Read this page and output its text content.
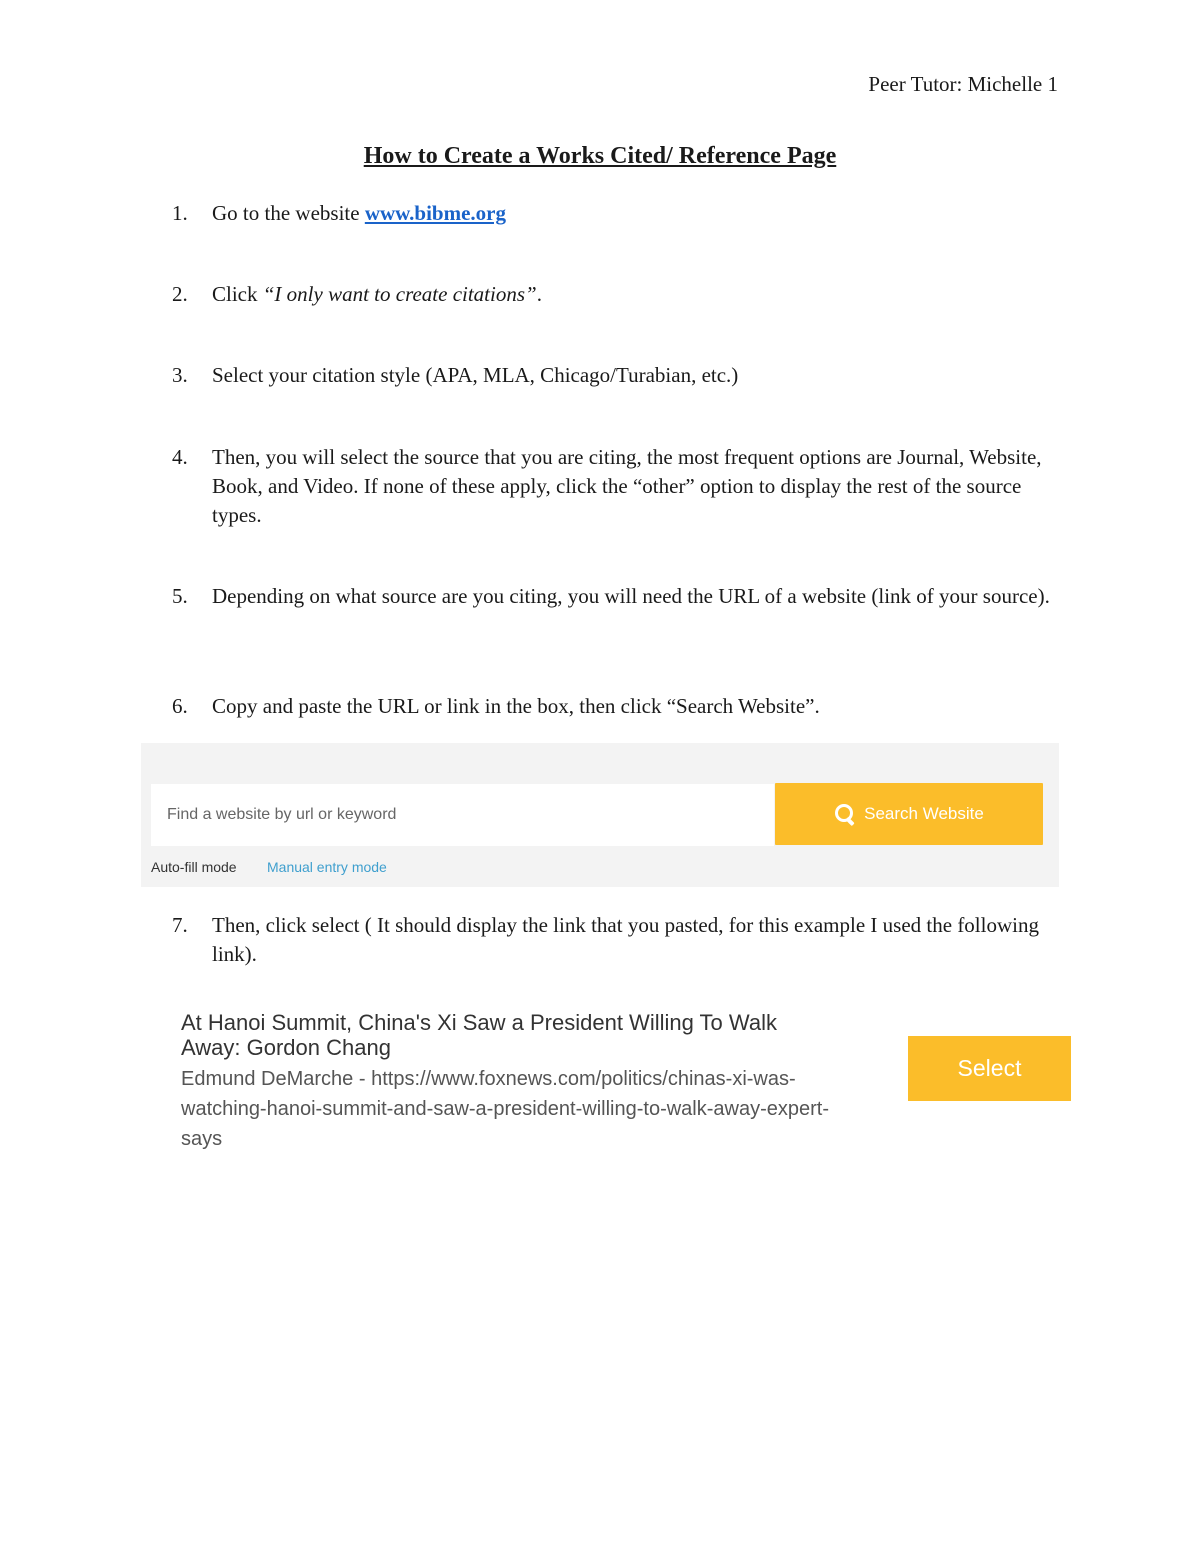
Peer Tutor: Michelle 1
How to Create a Works Cited/ Reference Page
1. Go to the website www.bibme.org
2. Click “I only want to create citations”.
3. Select your citation style (APA, MLA, Chicago/Turabian, etc.)
4. Then, you will select the source that you are citing, the most frequent options are Journal, Website, Book, and Video. If none of these apply, click the “other” option to display the rest of the source types.
5. Depending on what source are you citing, you will need the URL of a website (link of your source).
6. Copy and paste the URL or link in the box, then click “Search Website”.
Find a website by url or keyword
Search Website
Auto-fill mode Manual entry mode
7. Then, click select ( It should display the link that you pasted, for this example I used the following link).
At Hanoi Summit, China's Xi Saw a President Willing To Walk Away: Gordon Chang
Edmund DeMarche - https://www.foxnews.com/politics/chinas-xi-was-watching-hanoi-summit-and-saw-a-president-willing-to-walk-away-expert-says
Select
